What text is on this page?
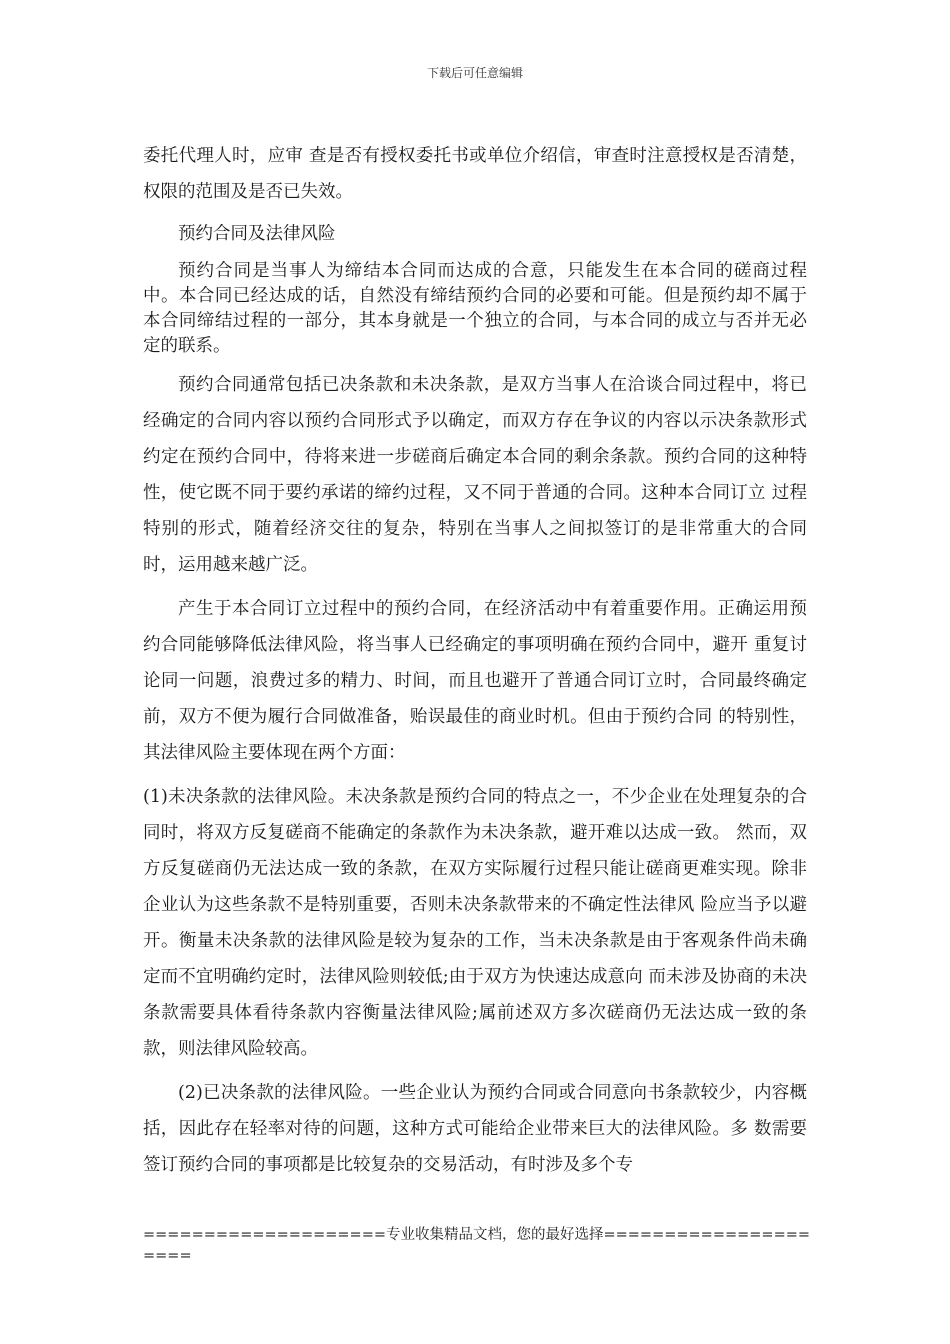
下载后可任意编辑

委托代理人时，应审 查是否有授权委托书或单位介绍信，审查时注意授权是否清楚，权限的范围及是否已失效。

预约合同及法律风险

预约合同是当事人为缔结本合同而达成的合意，只能发生在本合同的磋商过程中。本合同已经达成的话，自然没有缔结预约合同的必要和可能。但是预约却不属于本合同缔结过程的一部分，其本身就是一个独立的合同，与本合同的成立与否并无必定的联系。

预约合同通常包括已决条款和未决条款，是双方当事人在洽谈合同过程中，将已经确定的合同内容以预约合同形式予以确定，而双方存在争议的内容以示决条款形式 约定在预约合同中，待将来进一步磋商后确定本合同的剩余条款。预约合同的这种特性，使它既不同于要约承诺的缔约过程，又不同于普通的合同。这种本合同订立 过程特别的形式，随着经济交往的复杂，特别在当事人之间拟签订的是非常重大的合同时，运用越来越广泛。

产生于本合同订立过程中的预约合同，在经济活动中有着重要作用。正确运用预约合同能够降低法律风险，将当事人已经确定的事项明确在预约合同中，避开 重复讨论同一问题，浪费过多的精力、时间，而且也避开了普通合同订立时，合同最终确定前，双方不便为履行合同做准备，贻误最佳的商业时机。但由于预约合同 的特别性，其法律风险主要体现在两个方面：

(1)未决条款的法律风险。未决条款是预约合同的特点之一，不少企业在处理复杂的合同时，将双方反复磋商不能确定的条款作为未决条款，避开难以达成一致。 然而，双方反复磋商仍无法达成一致的条款，在双方实际履行过程只能让磋商更难实现。除非企业认为这些条款不是特别重要，否则未决条款带来的不确定性法律风 险应当予以避开。衡量未决条款的法律风险是较为复杂的工作，当未决条款是由于客观条件尚未确定而不宜明确约定时，法律风险则较低;由于双方为快速达成意向 而未涉及协商的未决条款需要具体看待条款内容衡量法律风险;属前述双方多次磋商仍无法达成一致的条款，则法律风险较高。

(2)已决条款的法律风险。一些企业认为预约合同或合同意向书条款较少，内容概括，因此存在轻率对待的问题，这种方式可能给企业带来巨大的法律风险。多 数需要签订预约合同的事项都是比较复杂的交易活动，有时涉及多个专

====================专业收集精品文档，您的最好选择=====================
